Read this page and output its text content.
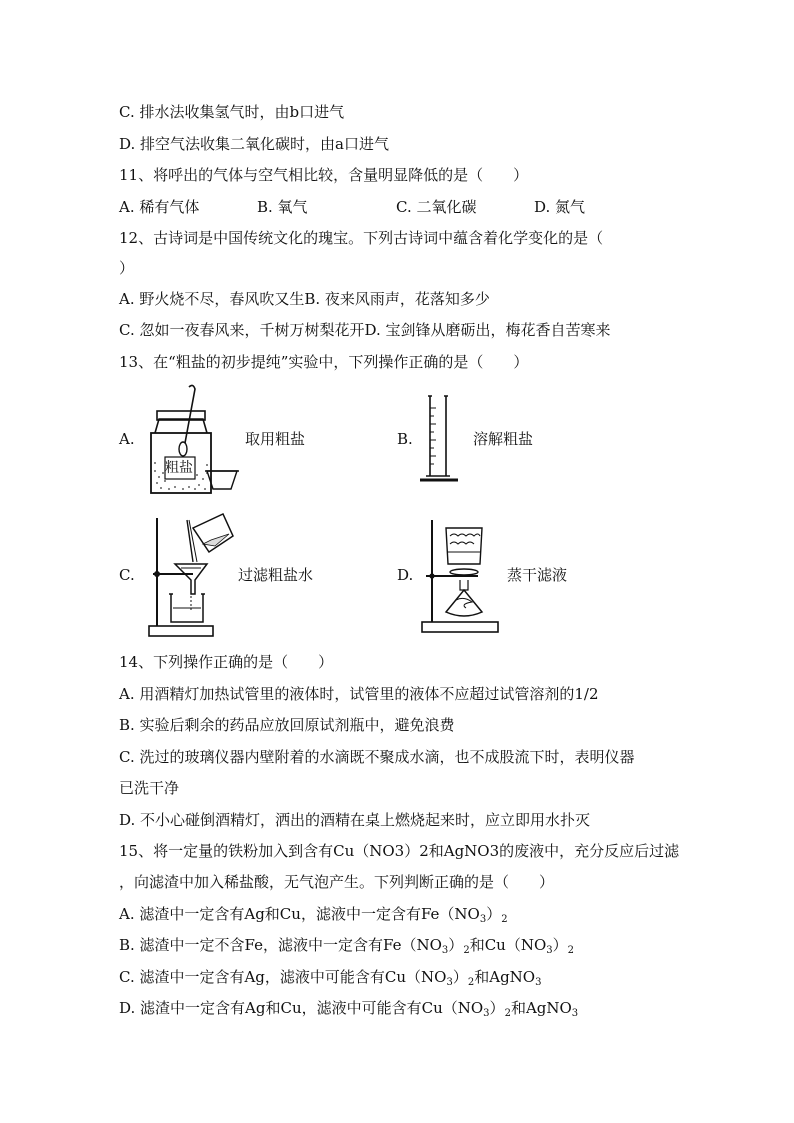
C. 排水法收集氢气时，由b口进气
D. 排空气法收集二氧化碳时，由a口进气
11、将呼出的气体与空气相比较，含量明显降低的是（　　）
A. 稀有气体	B. 氧气	C. 二氧化碳	D. 氮气
12、古诗词是中国传统文化的瑰宝。下列古诗词中蕴含着化学变化的是（
）
A. 野火烧不尽，春风吹又生B. 夜来风雨声，花落知多少
C. 忽如一夜春风来，千树万树梨花开D. 宝剑锋从磨砺出，梅花香自苦寒来
13、在“粗盐的初步提纯”实验中，下列操作正确的是（　　）
A.
粗盐
取用粗盐	B.	溶解粗盐
C.	过滤粗盐水	D.	蒸干滤液
14、下列操作正确的是（　　）
A. 用酒精灯加热试管里的液体时，试管里的液体不应超过试管溶剂的1/2
B. 实验后剩余的药品应放回原试剂瓶中，避免浪费
C. 洗过的玻璃仪器内壁附着的水滴既不聚成水滴，也不成股流下时，表明仪器
已洗干净
D. 不小心碰倒酒精灯，洒出的酒精在桌上燃烧起来时，应立即用水扑灭
15、将一定量的铁粉加入到含有Cu（NO3）2和AgNO3的废液中，充分反应后过滤
，向滤渣中加入稀盐酸，无气泡产生。下列判断正确的是（　　）
A. 滤渣中一定含有Ag和Cu，滤液中一定含有$Fe(NO_3)_2$
B. 滤渣中一定不含Fe，滤液中一定含有$Fe(NO_3)_2$和$Cu(NO_3)_2$
C. 滤渣中一定含有Ag，滤液中可能含有$Cu(NO_3)_2$和AgNO$_3$
D. 滤渣中一定含有Ag和Cu，滤液中可能含有$Cu(NO_3)_2$和AgNO$_3$
